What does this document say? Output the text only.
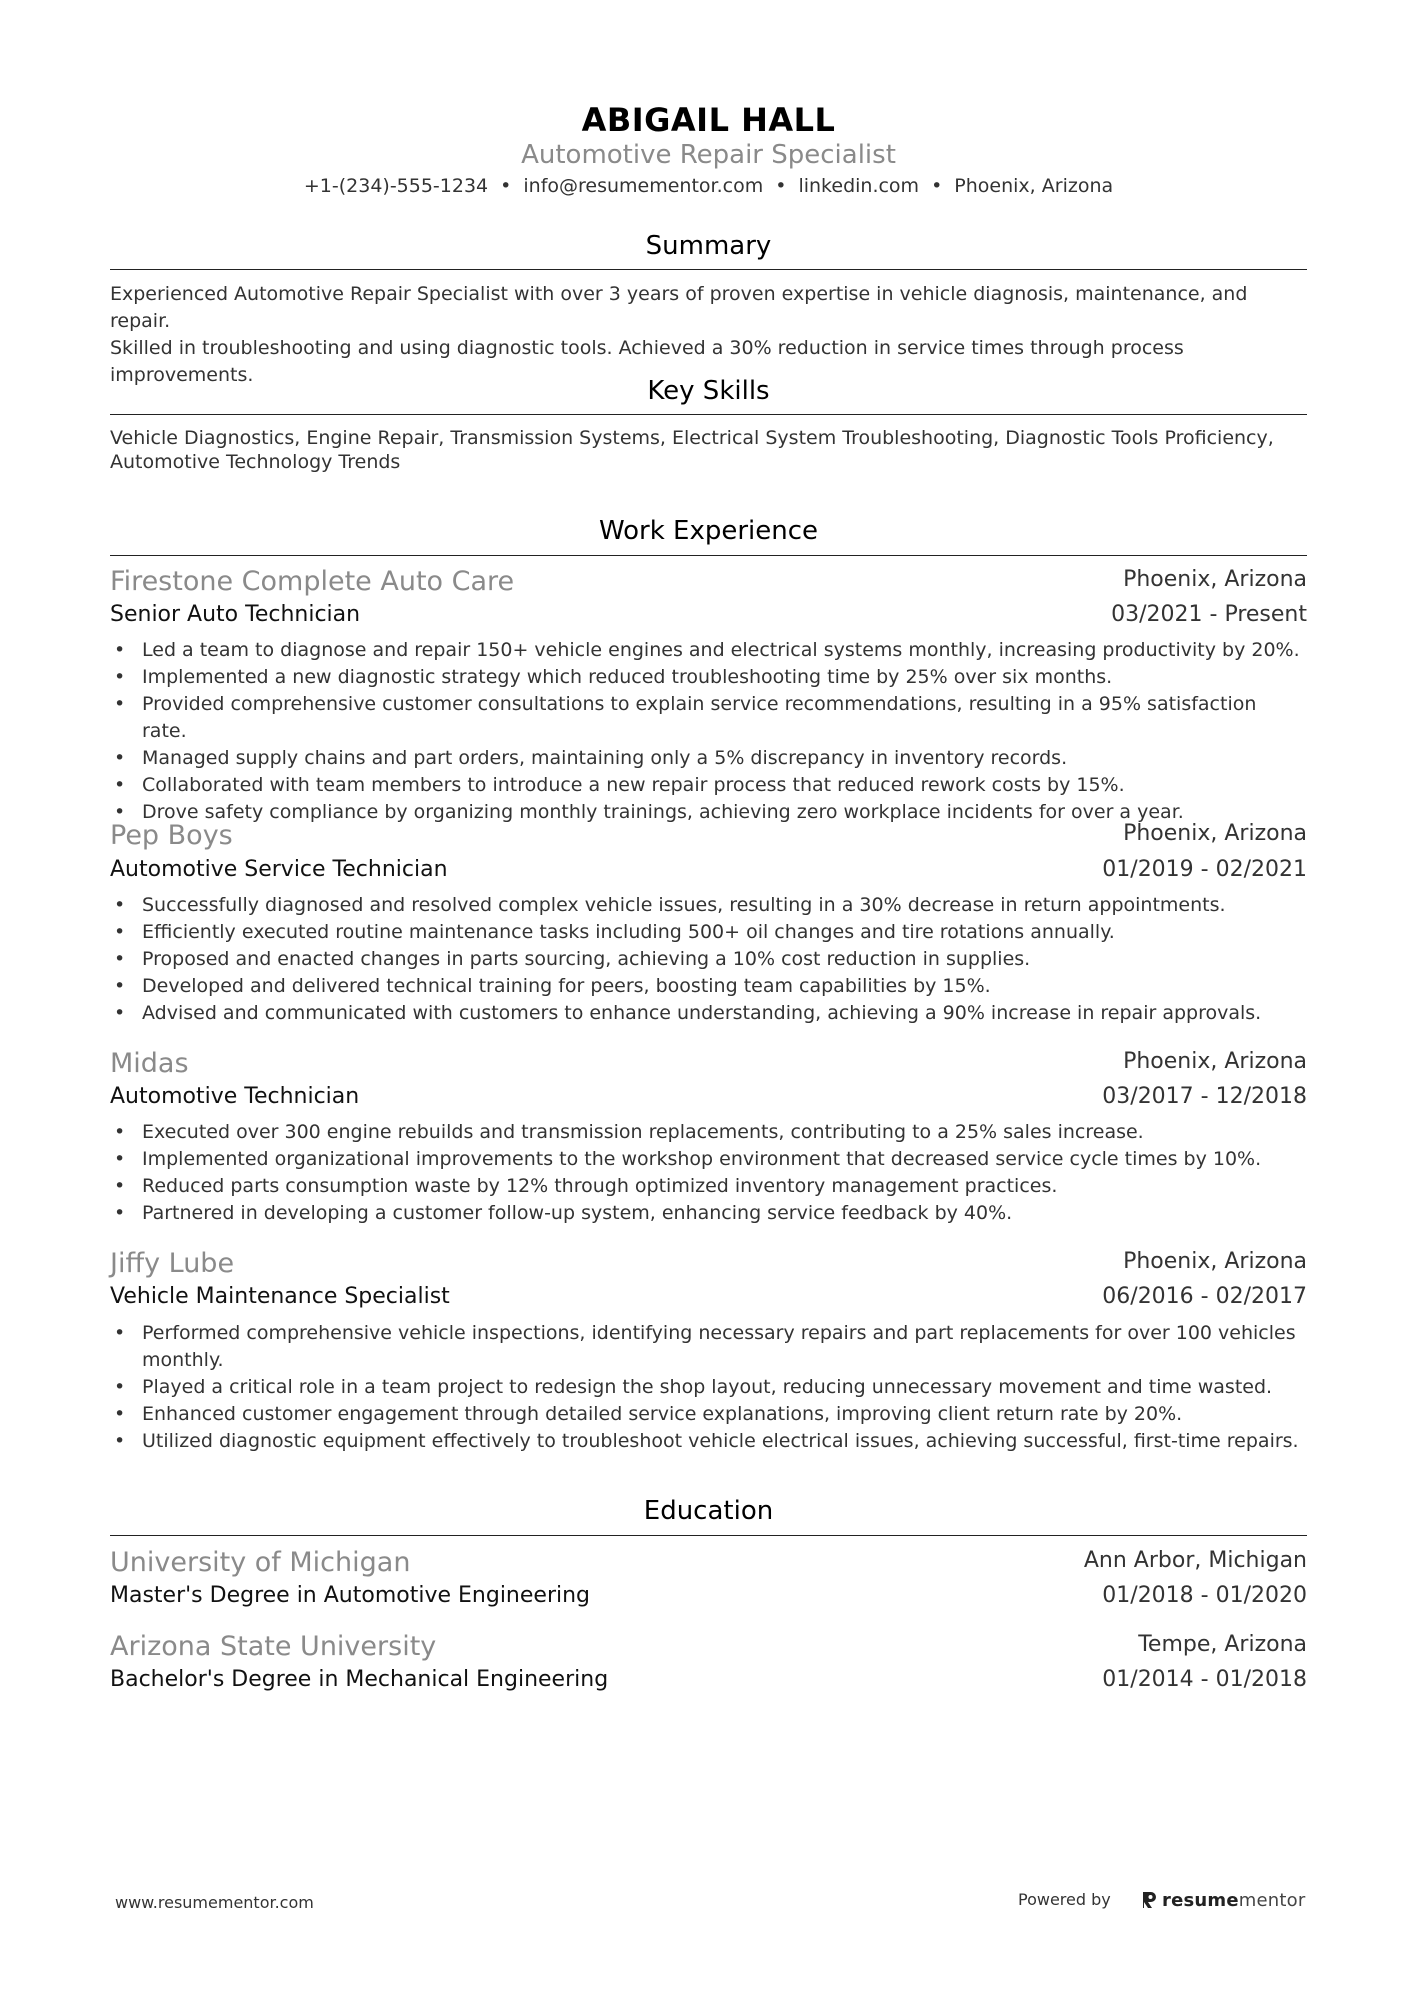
ABIGAIL HALL
Automotive Repair Specialist
+1-(234)-555-1234 • info@resumementor.com • linkedin.com • Phoenix, Arizona
Summary
Experienced Automotive Repair Specialist with over 3 years of proven expertise in vehicle diagnosis, maintenance, and repair.
Skilled in troubleshooting and using diagnostic tools. Achieved a 30% reduction in service times through process improvements.
Key Skills
Vehicle Diagnostics, Engine Repair, Transmission Systems, Electrical System Troubleshooting, Diagnostic Tools Proficiency,
Automotive Technology Trends
Work Experience
Firestone Complete Auto Care	Phoenix, Arizona
Senior Auto Technician	03/2021 - Present
• Led a team to diagnose and repair 150+ vehicle engines and electrical systems monthly, increasing productivity by 20%.
• Implemented a new diagnostic strategy which reduced troubleshooting time by 25% over six months.
• Provided comprehensive customer consultations to explain service recommendations, resulting in a 95% satisfaction rate.
• Managed supply chains and part orders, maintaining only a 5% discrepancy in inventory records.
• Collaborated with team members to introduce a new repair process that reduced rework costs by 15%.
• Drove safety compliance by organizing monthly trainings, achieving zero workplace incidents for over a year.
Pep Boys	Phoenix, Arizona
Automotive Service Technician	01/2019 - 02/2021
• Successfully diagnosed and resolved complex vehicle issues, resulting in a 30% decrease in return appointments.
• Efficiently executed routine maintenance tasks including 500+ oil changes and tire rotations annually.
• Proposed and enacted changes in parts sourcing, achieving a 10% cost reduction in supplies.
• Developed and delivered technical training for peers, boosting team capabilities by 15%.
• Advised and communicated with customers to enhance understanding, achieving a 90% increase in repair approvals.
Midas	Phoenix, Arizona
Automotive Technician	03/2017 - 12/2018
• Executed over 300 engine rebuilds and transmission replacements, contributing to a 25% sales increase.
• Implemented organizational improvements to the workshop environment that decreased service cycle times by 10%.
• Reduced parts consumption waste by 12% through optimized inventory management practices.
• Partnered in developing a customer follow-up system, enhancing service feedback by 40%.
Jiffy Lube	Phoenix, Arizona
Vehicle Maintenance Specialist	06/2016 - 02/2017
• Performed comprehensive vehicle inspections, identifying necessary repairs and part replacements for over 100 vehicles monthly.
• Played a critical role in a team project to redesign the shop layout, reducing unnecessary movement and time wasted.
• Enhanced customer engagement through detailed service explanations, improving client return rate by 20%.
• Utilized diagnostic equipment effectively to troubleshoot vehicle electrical issues, achieving successful, first-time repairs.
Education
University of Michigan	Ann Arbor, Michigan
Master's Degree in Automotive Engineering	01/2018 - 01/2020
Arizona State University	Tempe, Arizona
Bachelor's Degree in Mechanical Engineering	01/2014 - 01/2018
www.resumementor.com	Powered by	resumementor
